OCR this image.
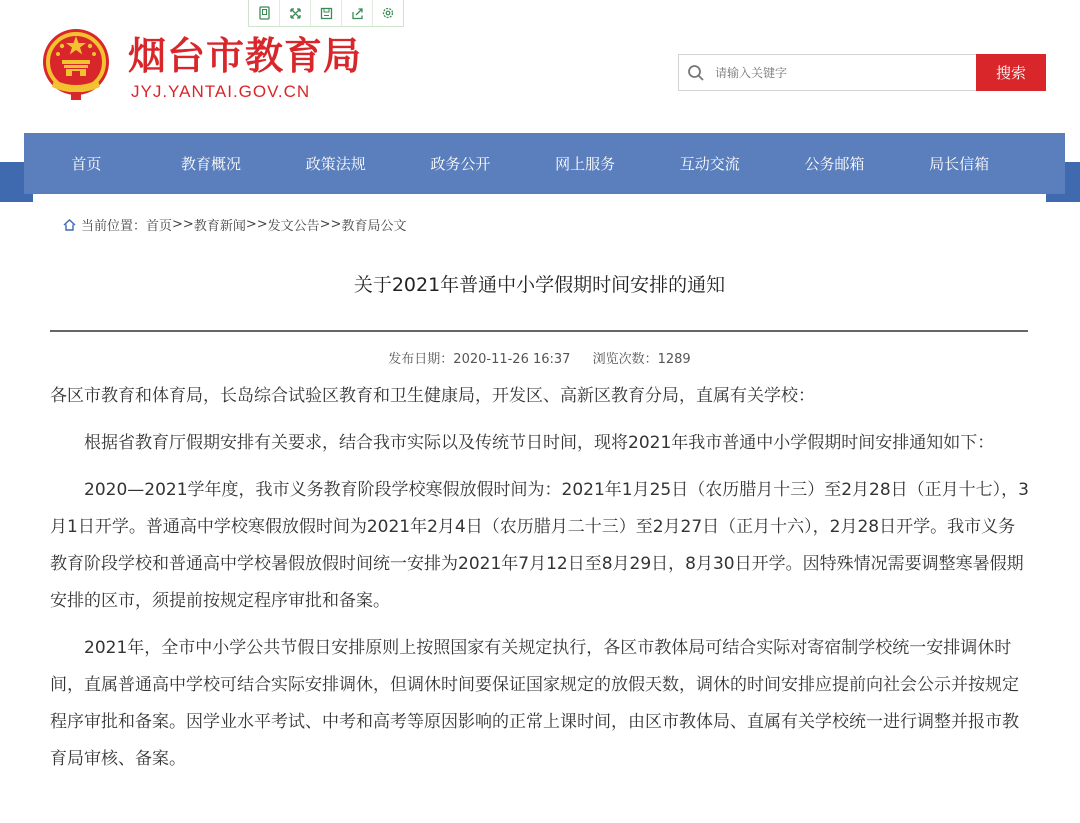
烟台市教育局
JYJ.YANTAI.GOV.CN
请输入关键字
搜索
首页	教育概况	政策法规	政务公开	网上服务	互动交流	公务邮箱	局长信箱
当前位置： 首页 >> 教育新闻 >> 发文公告 >> 教育局公文
关于2021年普通中小学假期时间安排的通知
发布日期：2020-11-26 16:37 浏览次数：1289

各区市教育和体育局，长岛综合试验区教育和卫生健康局，开发区、高新区教育分局，直属有关学校：

根据省教育厅假期安排有关要求，结合我市实际以及传统节日时间，现将2021年我市普通中小学假期时间安排通知如下：

2020—2021学年度，我市义务教育阶段学校寒假放假时间为：2021年1月25日（农历腊月十三）至2月28日（正月十七），3月1日开学。普通高中学校寒假放假时间为2021年2月4日（农历腊月二十三）至2月27日（正月十六），2月28日开学。我市义务教育阶段学校和普通高中学校暑假放假时间统一安排为2021年7月12日至8月29日，8月30日开学。因特殊情况需要调整寒暑假期安排的区市，须提前按规定程序审批和备案。

2021年，全市中小学公共节假日安排原则上按照国家有关规定执行，各区市教体局可结合实际对寄宿制学校统一安排调休时间，直属普通高中学校可结合实际安排调休，但调休时间要保证国家规定的放假天数，调休的时间安排应提前向社会公示并按规定程序审批和备案。因学业水平考试、中考和高考等原因影响的正常上课时间，由区市教体局、直属有关学校统一进行调整并报市教育局审核、备案。
